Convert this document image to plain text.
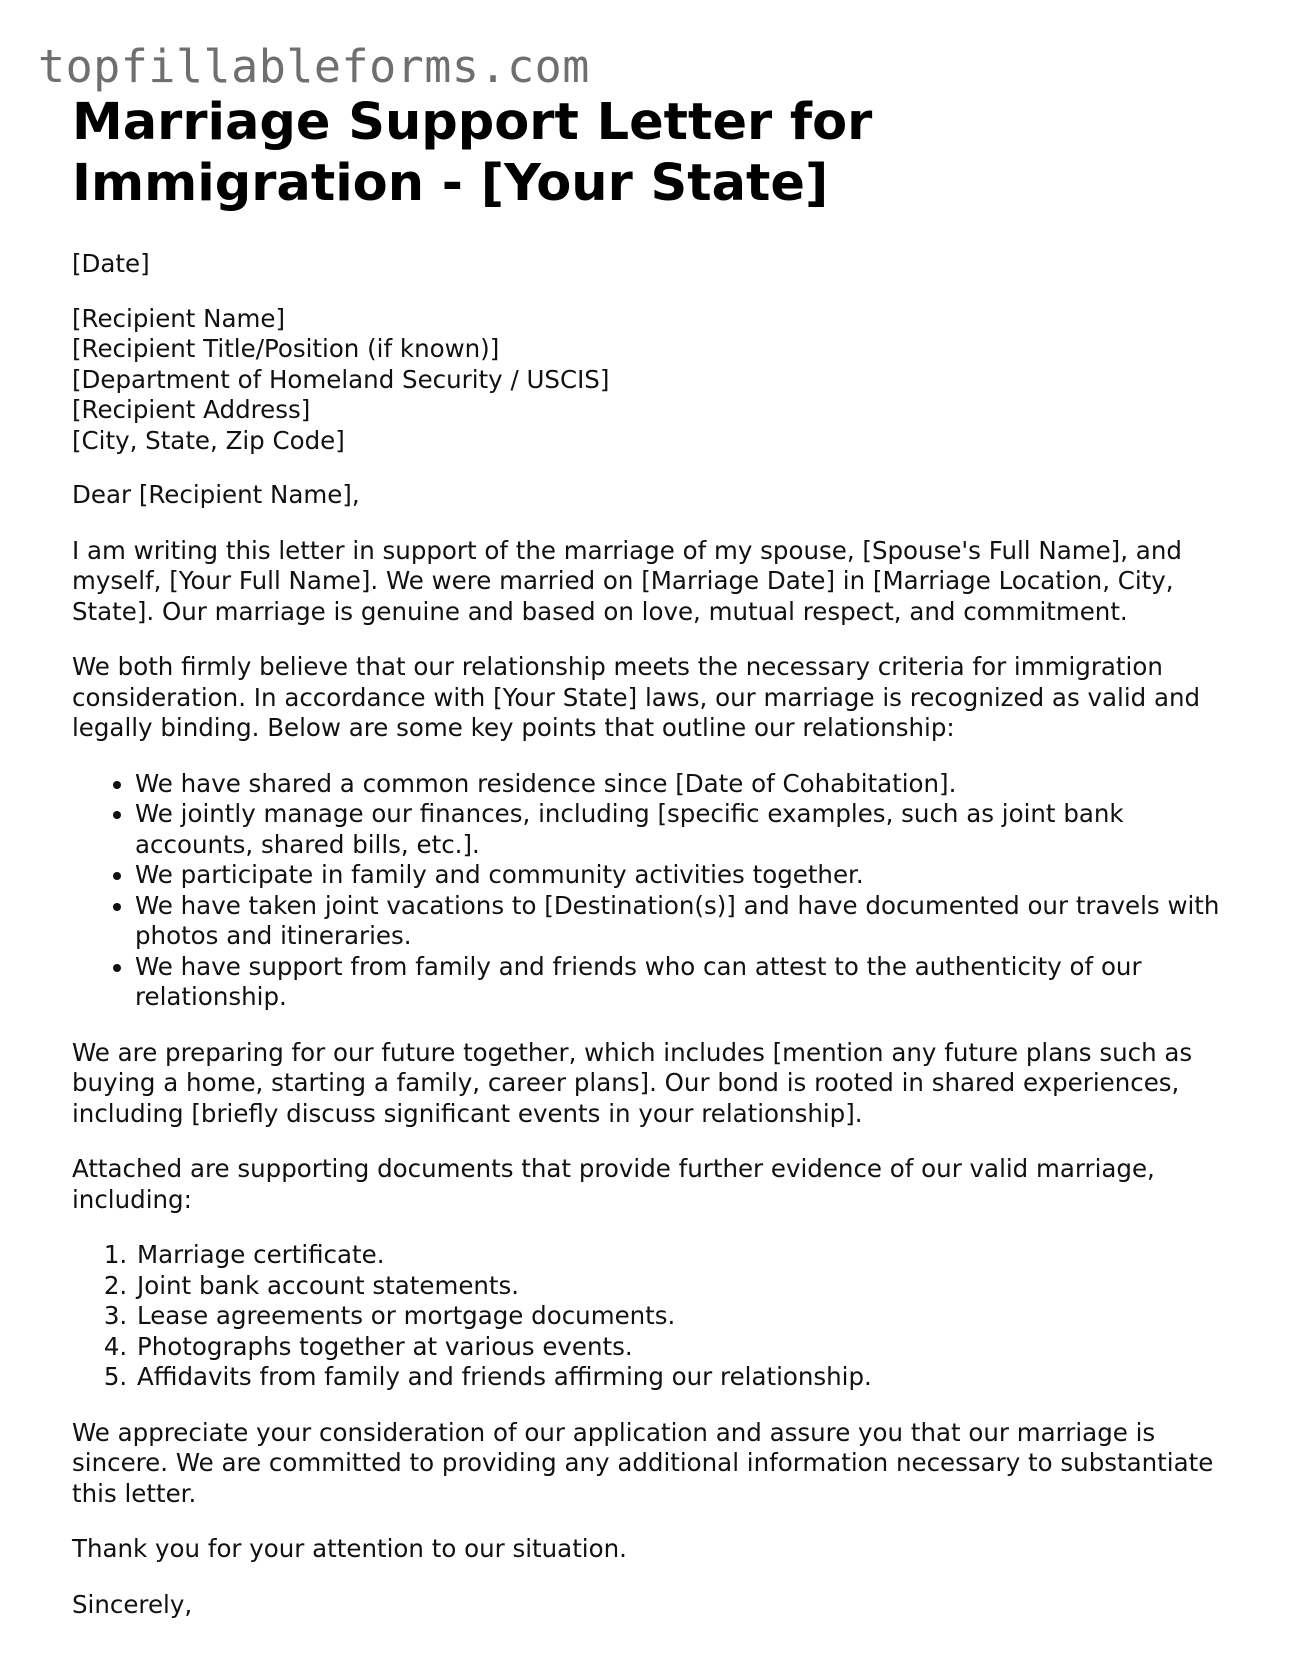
topfillableforms.com
Marriage Support Letter for Immigration - [Your State]

[Date]

[Recipient Name]
[Recipient Title/Position (if known)]
[Department of Homeland Security / USCIS]
[Recipient Address]
[City, State, Zip Code]

Dear [Recipient Name],

I am writing this letter in support of the marriage of my spouse, [Spouse's Full Name], and myself, [Your Full Name]. We were married on [Marriage Date] in [Marriage Location, City, State]. Our marriage is genuine and based on love, mutual respect, and commitment.

We both firmly believe that our relationship meets the necessary criteria for immigration consideration. In accordance with [Your State] laws, our marriage is recognized as valid and legally binding. Below are some key points that outline our relationship:

• We have shared a common residence since [Date of Cohabitation].
• We jointly manage our finances, including [specific examples, such as joint bank accounts, shared bills, etc.].
• We participate in family and community activities together.
• We have taken joint vacations to [Destination(s)] and have documented our travels with photos and itineraries.
• We have support from family and friends who can attest to the authenticity of our relationship.

We are preparing for our future together, which includes [mention any future plans such as buying a home, starting a family, career plans]. Our bond is rooted in shared experiences, including [briefly discuss significant events in your relationship].

Attached are supporting documents that provide further evidence of our valid marriage, including:

1. Marriage certificate.
2. Joint bank account statements.
3. Lease agreements or mortgage documents.
4. Photographs together at various events.
5. Affidavits from family and friends affirming our relationship.

We appreciate your consideration of our application and assure you that our marriage is sincere. We are committed to providing any additional information necessary to substantiate this letter.

Thank you for your attention to our situation.

Sincerely,
